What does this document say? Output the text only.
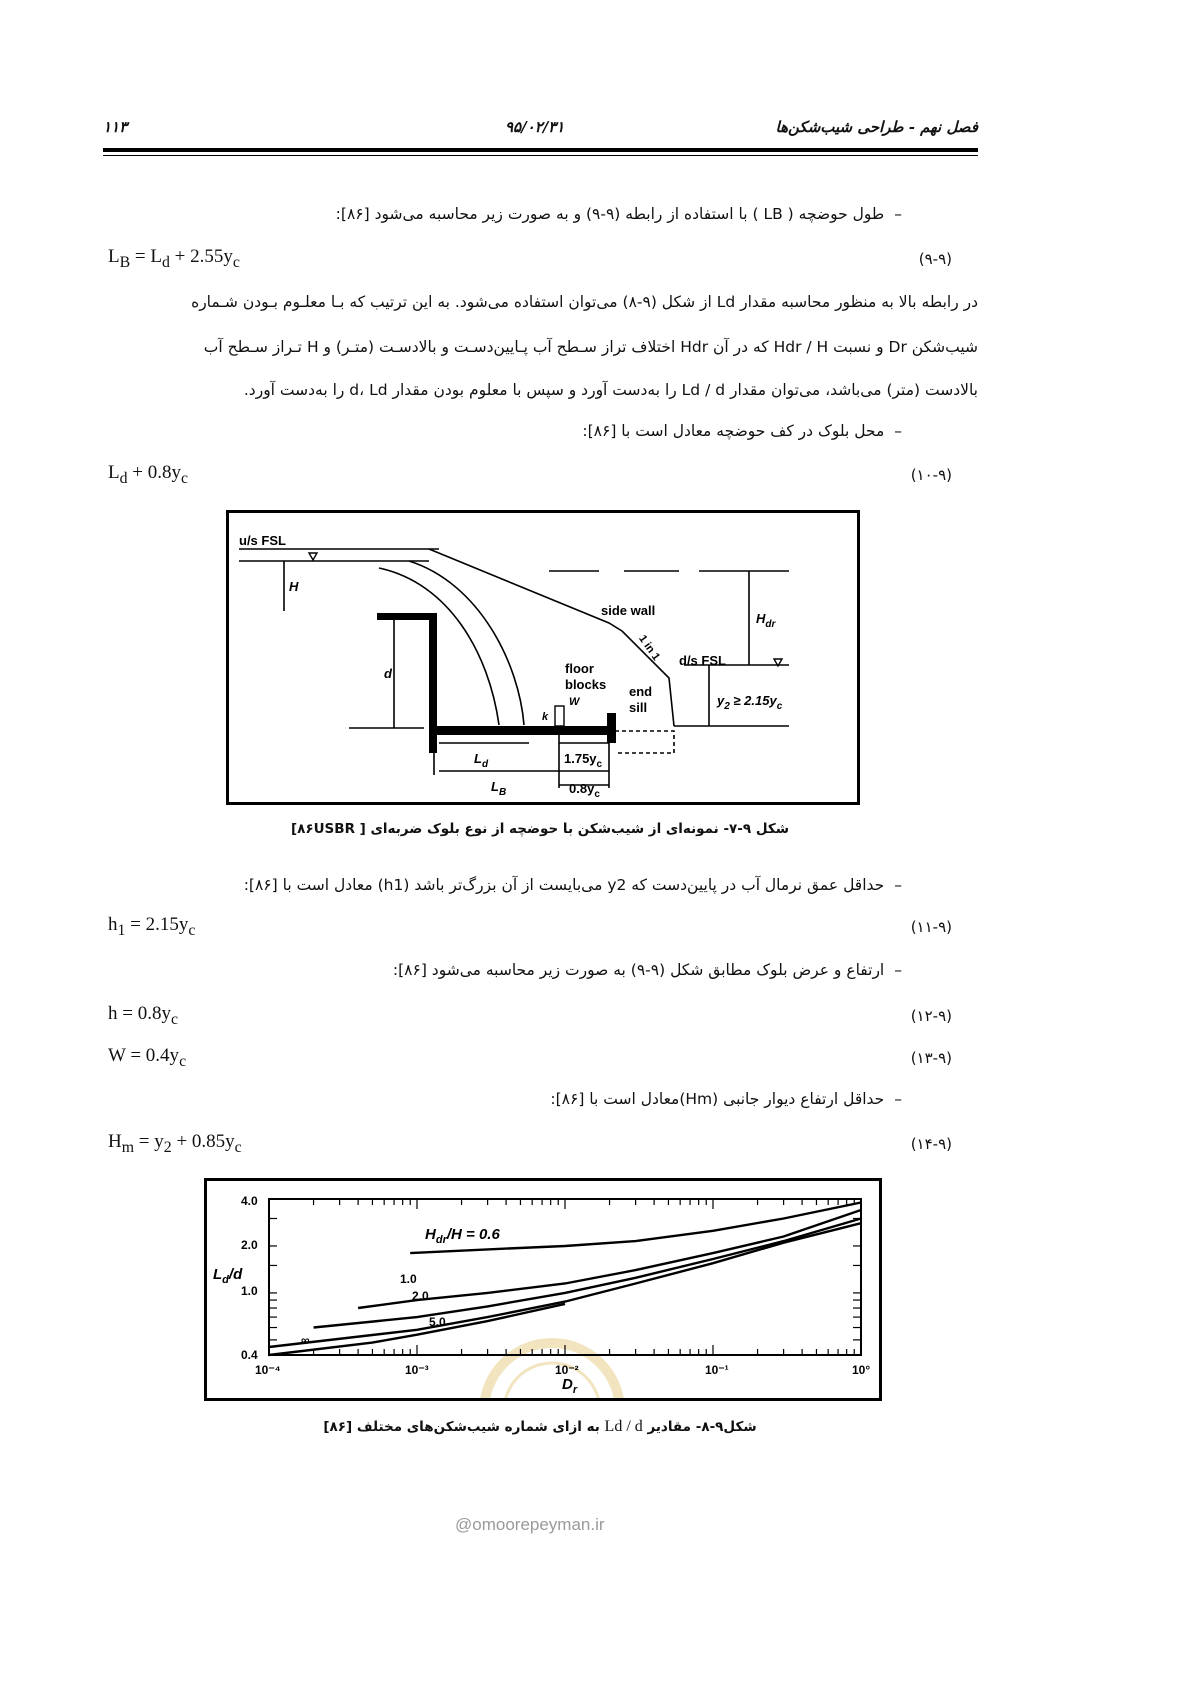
۱۱۳	۹۵/۰۲/۳۱	فصل نهم - طراحی شیب‌شکن‌ها
–طول حوضچه ( LB ) با استفاده از رابطه (۹-۹) و به صورت زیر محاسبه می‌شود [۸۶]:
$L_B = L_d + 2.55y_c$	(۹-۹)
در رابطه بالا به منظور محاسبه مقدار Ld از شکل (۹-۸) می‌توان استفاده می‌شود. به این ترتیب که بـا معلـوم بـودن شـماره
شیب‌شکن Dr و نسبت Hdr / H که در آن Hdr اختلاف تراز سـطح آب پـایین‌دسـت و بالادسـت (متـر) و H تـراز سـطح آب
بالادست (متر) می‌باشد، می‌توان مقدار Ld / d را به‌دست آورد و سپس با معلوم بودن مقدار d، Ld را به‌دست آورد.
–محل بلوک در کف حوضچه معادل است با [۸۶]:
$L_d + 0.8y_c$	(۱۰-۹)
u/s FSL
H
side wall
$H_{dr}$
d/s FSL
d
1 in 1
floor
blocks
W
k
end
sill	$y_2 \ge 2.15y_c$
$L_d$	$1.75y_c$
$L_B$	$0.8y_c$
شکل ۹-۷- نمونه‌ای از شیب‌شکن با حوضچه از نوع بلوک ضربه‌ای [ ۸۶USBR]
–حداقل عمق نرمال آب در پایین‌دست که y2 می‌بایست از آن بزرگ‌تر باشد (h1) معادل است با [۸۶]:
$h_1 = 2.15y_c$	(۱۱-۹)
–ارتفاع و عرض بلوک مطابق شکل (۹-۹) به صورت زیر محاسبه می‌شود [۸۶]:
$h = 0.8y_c$	(۱۲-۹)
$W = 0.4y_c$	(۱۳-۹)
–حداقل ارتفاع دیوار جانبی (Hm)معادل است با [۸۶]:
$H_m = y_2 + 0.85y_c$	(۱۴-۹)
4.0
2.0
1.0
0.4
10⁻⁴	10⁻³	10⁻²	10⁻¹	10°
$L_d/d$
$D_r$
$H_{dr}/H = 0.6$
1.0
2.0
5.0
∞
شکل۹-۸- مقادیر Ld / d به ازای شماره شیب‌شکن‌های مختلف [۸۶]
@omoorepeyman.ir
